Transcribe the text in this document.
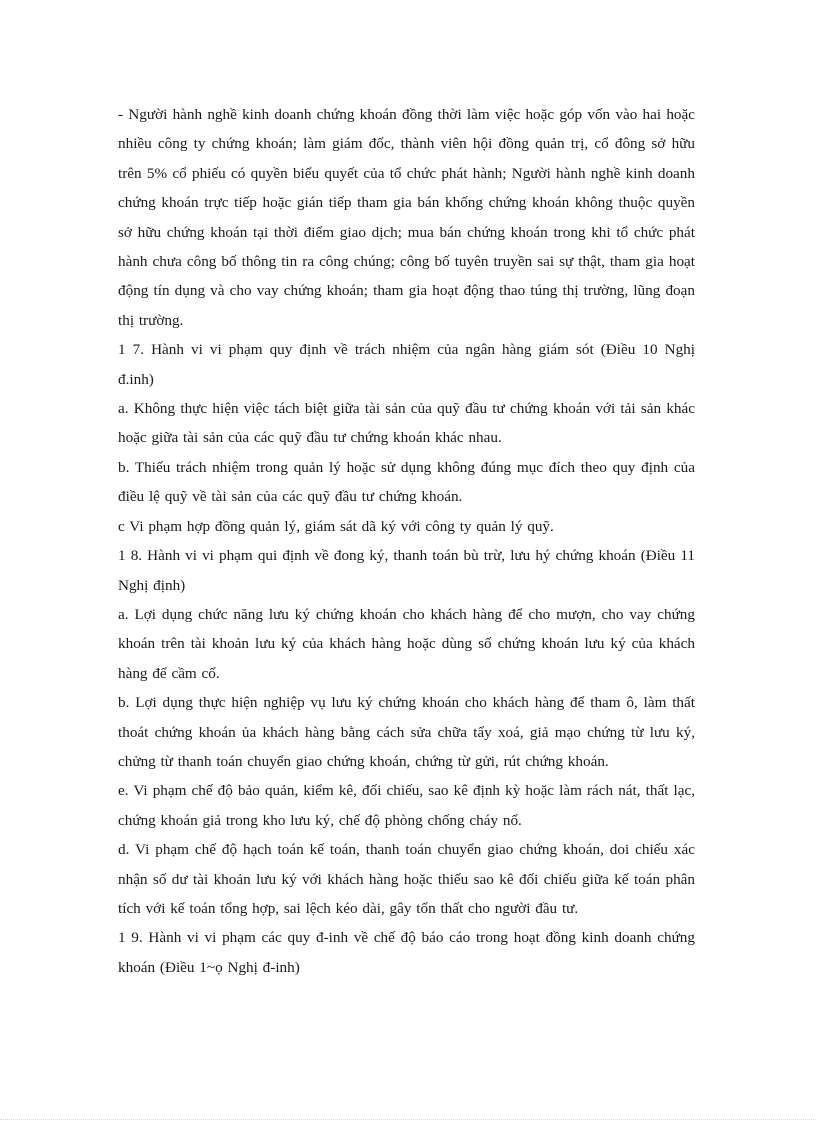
- Người hành nghề kinh doanh chứng khoán đồng thời làm việc hoặc góp vốn vào hai hoặc nhiều công ty chứng khoán; làm giám đốc, thành viên hội đồng quản trị, cổ đông sở hữu trên 5% cổ phiếu có quyền biểu quyết của tổ chức phát hành; Người hành nghề kinh doanh chứng khoán trực tiếp hoặc gián tiếp tham gia bán khống chứng khoán không thuộc quyền sở hữu chứng khoán tại thời điểm giao dịch; mua bán chứng khoán trong khi tổ chức phát hành chưa công bố thông tin ra công chúng; công bố tuyên truyền sai sự thật, tham gia hoạt động tín dụng và cho vay chứng khoán; tham gia hoạt động thao túng thị trường, lũng đoạn thị trường.

1 7. Hành vi vi phạm quy định về trách nhiệm của ngân hàng giám sót (Điều 10 Nghị đ.inh)

a. Không thực hiện việc tách biệt giữa tài sản của quỹ đầu tư chứng khoán với tải sản khác hoặc giữa tài sản của các quỹ đầu tư chứng khoán khác nhau.

b. Thiếu trách nhiệm trong quản lý hoặc sử dụng không đúng mục đích theo quy định của điều lệ quỹ về tài sản của các quỹ đầu tư chứng khoán.

c Vi phạm hợp đồng quản lý, giám sát dã ký với công ty quản lý quỹ.

1 8. Hành vi vi phạm qui định về đong ký, thanh toán bù trừ, lưu hý chứng khoán (Điều 11 Nghị định)

a. Lợi dụng chức năng lưu ký chứng khoán cho khách hàng để cho mượn, cho vay chứng khoán trên tài khoản lưu ký của khách hàng hoặc dùng số chứng khoán lưu ký của khách hàng để cầm cố.

b. Lợi dụng thực hiện nghiệp vụ lưu ký chứng khoán cho khách hàng để tham ô, làm thất thoát chứng khoán ủa khách hàng bằng cách sửa chữa tẩy xoá, giả mạo chứng từ lưu ký, chửng từ thanh toán chuyển giao chứng khoán, chứng từ gửi, rút chứng khoán.

e. Vi phạm chế độ bảo quản, kiểm kê, đối chiếu, sao kê định kỳ hoặc làm rách nát, thất lạc, chứng khoán giả trong kho lưu ký, chế độ phòng chống cháy nổ.

d. Vi phạm chế độ hạch toán kế toán, thanh toán chuyển giao chứng khoán, doi chiếu xác nhận số dư tài khoản lưu ký với khách hàng hoặc thiếu sao kê đối chiếu giữa kế toán phân tích với kế toán tổng hợp, sai lệch kéo dài, gây tổn thất cho người đầu tư.

1 9. Hành vi vi phạm các quy đ-inh về chế độ báo cáo trong hoạt đồng kinh doanh chứng khoán (Điều 1~ọ Nghị đ-inh)
